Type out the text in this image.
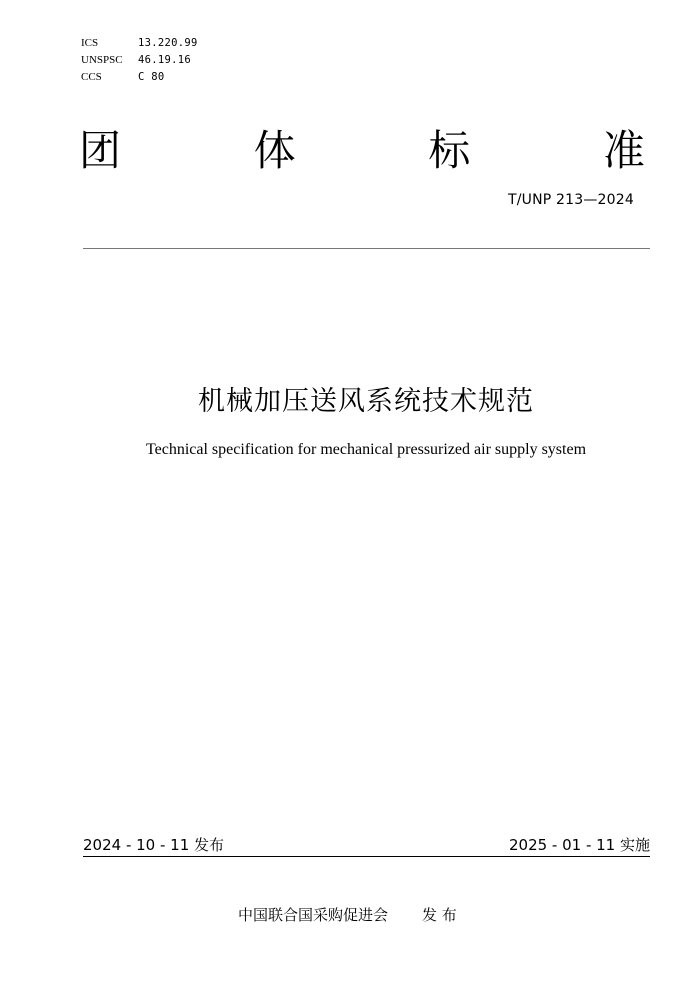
ICS	13.220.99
UNSPSC	46.19.16
CCS	C 80
团	体	标	准
T/UNP 213—2024
机械加压送风系统技术规范
Technical specification for mechanical pressurized air supply system
2024 - 10 - 11 发布	2025 - 01 - 11 实施
中国联合国采购促进会 发 布
